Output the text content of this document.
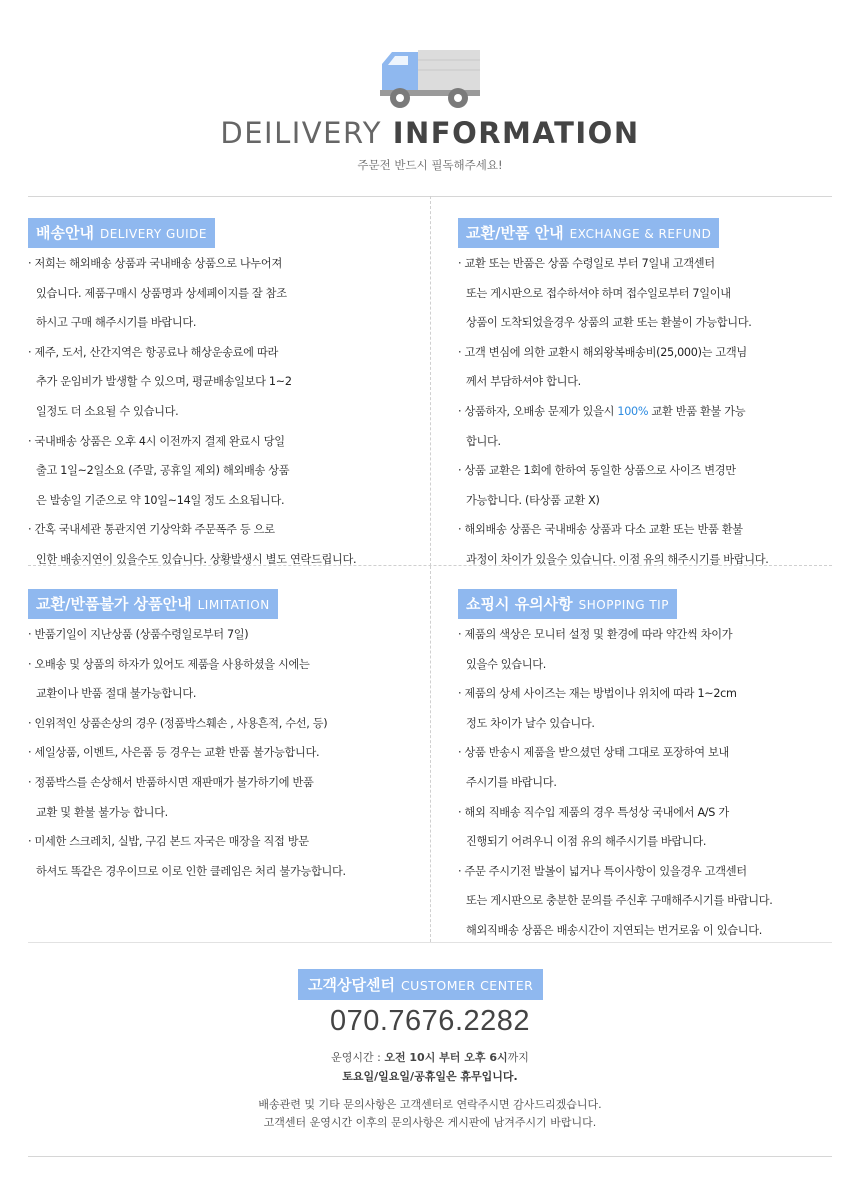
DEILIVERY INFORMATION
주문전 반드시 필독해주세요!
배송안내 DELIVERY GUIDE
· 저희는 해외배송 상품과 국내배송 상품으로 나누어져
있습니다. 제품구매시 상품명과 상세페이지를 잘 참조
하시고 구매 해주시기를 바랍니다.
· 제주, 도서, 산간지역은 항공료나 해상운송료에 따라
추가 운임비가 발생할 수 있으며, 평균배송일보다 1~2
일정도 더 소요될 수 있습니다.
· 국내배송 상품은 오후 4시 이전까지 결제 완료시 당일
출고 1일~2일소요 (주말, 공휴일 제외) 해외배송 상품
은 발송일 기준으로 약 10일~14일 정도 소요됩니다.
· 간혹 국내세관 통관지연 기상악화 주문폭주 등 으로
인한 배송지연이 있을수도 있습니다. 상황발생시 별도 연락드립니다.
교환/반품 안내 EXCHANGE & REFUND
· 교환 또는 반품은 상품 수령일로 부터 7일내 고객센터
또는 게시판으로 접수하셔야 하며 접수일로부터 7일이내
상품이 도착되었을경우 상품의 교환 또는 환불이 가능합니다.
· 고객 변심에 의한 교환시 해외왕복배송비(25,000)는 고객님
께서 부담하셔야 합니다.
· 상품하자, 오배송 문제가 있을시 100% 교환 반품 환불 가능
합니다.
· 상품 교환은 1회에 한하여 동일한 상품으로 사이즈 변경만
가능합니다. (타상품 교환 X)
· 해외배송 상품은 국내배송 상품과 다소 교환 또는 반품 환불
과정이 차이가 있을수 있습니다. 이점 유의 해주시기를 바랍니다.
교환/반품불가 상품안내 LIMITATION
· 반품기일이 지난상품 (상품수령일로부터 7일)
· 오배송 및 상품의 하자가 있어도 제품을 사용하셨을 시에는
교환이나 반품 절대 불가능합니다.
· 인위적인 상품손상의 경우 (정품박스훼손 , 사용흔적, 수선, 등)
· 세일상품, 이벤트, 사은품 등 경우는 교환 반품 불가능합니다.
· 정품박스를 손상해서 반품하시면 재판매가 불가하기에 반품
교환 및 환불 불가능 합니다.
· 미세한 스크레치, 실밥, 구김 본드 자국은 매장을 직접 방문
하셔도 똑같은 경우이므로 이로 인한 클레임은 처리 불가능합니다.
쇼핑시 유의사항 SHOPPING TIP
· 제품의 색상은 모니터 설정 및 환경에 따라 약간씩 차이가
있을수 있습니다.
· 제품의 상세 사이즈는 재는 방법이나 위치에 따라 1~2cm
정도 차이가 날수 있습니다.
· 상품 반송시 제품을 받으셨던 상태 그대로 포장하여 보내
주시기를 바랍니다.
· 해외 직배송 직수입 제품의 경우 특성상 국내에서 A/S 가
진행되기 어려우니 이점 유의 해주시기를 바랍니다.
· 주문 주시기전 발볼이 넓거나 특이사항이 있을경우 고객센터
또는 게시판으로 충분한 문의를 주신후 구매해주시기를 바랍니다.
해외직배송 상품은 배송시간이 지연되는 번거로움 이 있습니다.
고객상담센터 CUSTOMER CENTER
070.7676.2282
운영시간 : 오전 10시 부터 오후 6시까지
토요일/일요일/공휴일은 휴무입니다.
배송관련 및 기타 문의사항은 고객센터로 연락주시면 감사드리겠습니다.
고객센터 운영시간 이후의 문의사항은 게시판에 남겨주시기 바랍니다.
